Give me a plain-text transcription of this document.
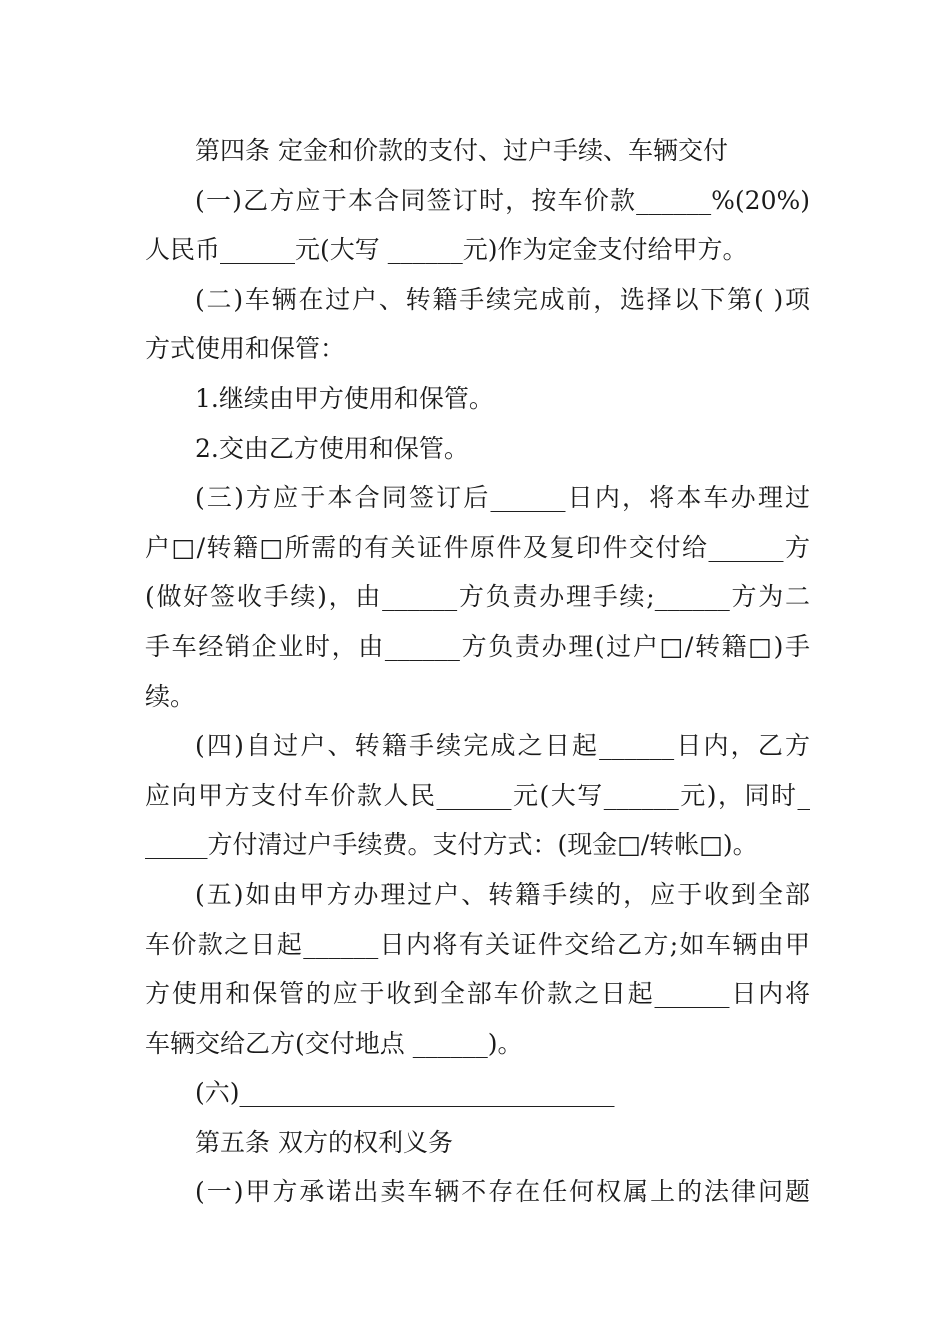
第四条 定金和价款的支付、过户手续、车辆交付
(一)乙方应于本合同签订时，按车价款______%(20%)
人民币______元(大写 ______元)作为定金支付给甲方。
(二)车辆在过户、转籍手续完成前，选择以下第( )项
方式使用和保管：
1.继续由甲方使用和保管。
2.交由乙方使用和保管。
(三)方应于本合同签订后______日内，将本车办理过
户□/转籍□所需的有关证件原件及复印件交付给______方
(做好签收手续)，由______方负责办理手续;______方为二
手车经销企业时，由______方负责办理(过户□/转籍□)手
续。
(四)自过户、转籍手续完成之日起______日内，乙方
应向甲方支付车价款人民______元(大写______元)，同时_
_____方付清过户手续费。支付方式：(现金□/转帐□)。
(五)如由甲方办理过户、转籍手续的，应于收到全部
车价款之日起______日内将有关证件交给乙方;如车辆由甲
方使用和保管的应于收到全部车价款之日起______日内将
车辆交给乙方(交付地点 ______)。
(六)______________________________
第五条 双方的权利义务
(一)甲方承诺出卖车辆不存在任何权属上的法律问题
